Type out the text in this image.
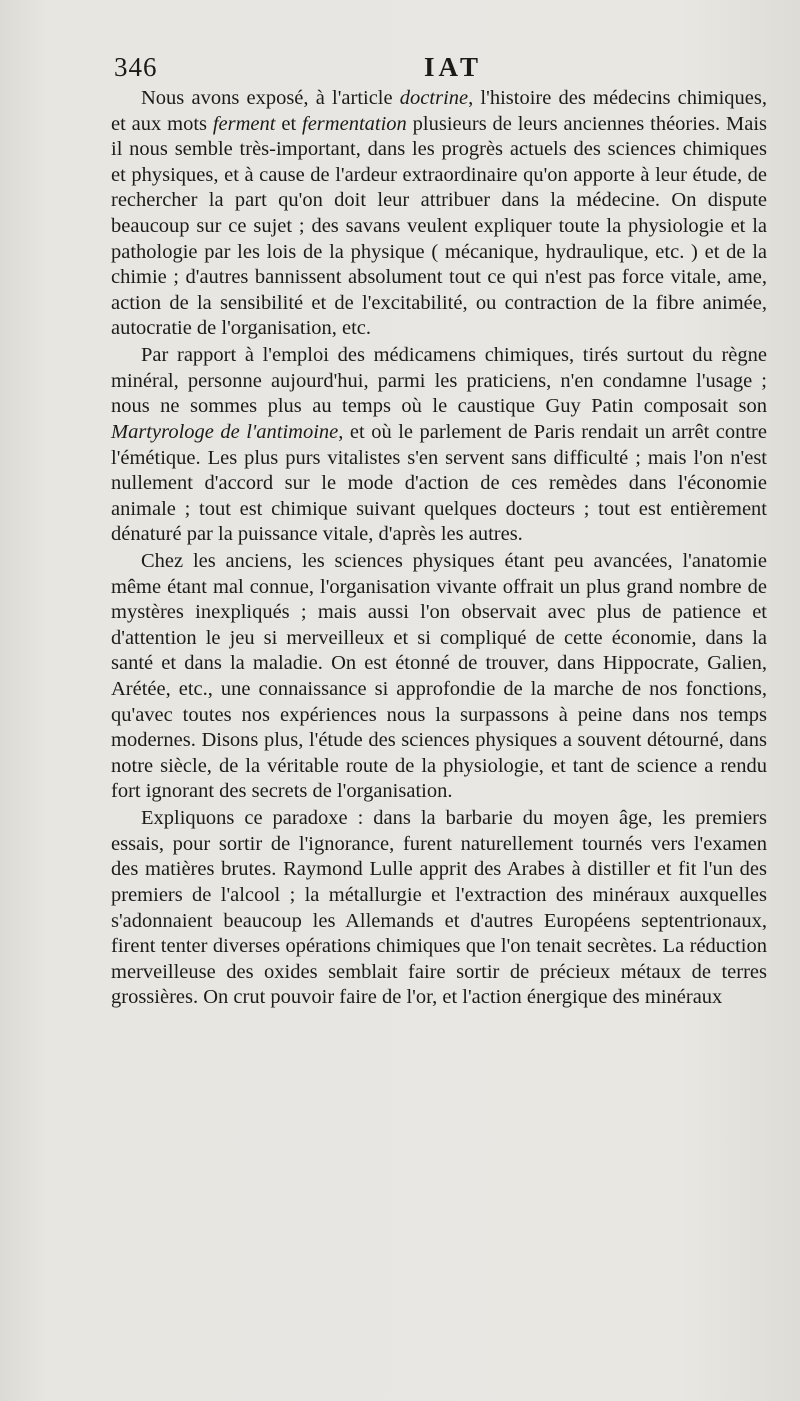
346	IAT

Nous avons exposé, à l'article doctrine, l'histoire des médecins chimiques, et aux mots ferment et fermentation plusieurs de leurs anciennes théories. Mais il nous semble très-important, dans les progrès actuels des sciences chimiques et physiques, et à cause de l'ardeur extraordinaire qu'on apporte à leur étude, de rechercher la part qu'on doit leur attribuer dans la médecine. On dispute beaucoup sur ce sujet ; des savans veulent expliquer toute la physiologie et la pathologie par les lois de la physique ( mécanique, hydraulique, etc. ) et de la chimie ; d'autres bannissent absolument tout ce qui n'est pas force vitale, ame, action de la sensibilité et de l'excitabilité, ou contraction de la fibre animée, autocratie de l'organisation, etc.

Par rapport à l'emploi des médicamens chimiques, tirés surtout du règne minéral, personne aujourd'hui, parmi les praticiens, n'en condamne l'usage ; nous ne sommes plus au temps où le caustique Guy Patin composait son Martyrologe de l'antimoine, et où le parlement de Paris rendait un arrêt contre l'émétique. Les plus purs vitalistes s'en servent sans difficulté ; mais l'on n'est nullement d'accord sur le mode d'action de ces remèdes dans l'économie animale ; tout est chimique suivant quelques docteurs ; tout est entièrement dénaturé par la puissance vitale, d'après les autres.

Chez les anciens, les sciences physiques étant peu avancées, l'anatomie même étant mal connue, l'organisation vivante offrait un plus grand nombre de mystères inexpliqués ; mais aussi l'on observait avec plus de patience et d'attention le jeu si merveilleux et si compliqué de cette économie, dans la santé et dans la maladie. On est étonné de trouver, dans Hippocrate, Galien, Arétée, etc., une connaissance si approfondie de la marche de nos fonctions, qu'avec toutes nos expériences nous la surpassons à peine dans nos temps modernes. Disons plus, l'étude des sciences physiques a souvent détourné, dans notre siècle, de la véritable route de la physiologie, et tant de science a rendu fort ignorant des secrets de l'organisation.

Expliquons ce paradoxe : dans la barbarie du moyen âge, les premiers essais, pour sortir de l'ignorance, furent naturellement tournés vers l'examen des matières brutes. Raymond Lulle apprit des Arabes à distiller et fit l'un des premiers de l'alcool ; la métallurgie et l'extraction des minéraux auxquelles s'adonnaient beaucoup les Allemands et d'autres Européens septentrionaux, firent tenter diverses opérations chimiques que l'on tenait secrètes. La réduction merveilleuse des oxides semblait faire sortir de précieux métaux de terres grossières. On crut pouvoir faire de l'or, et l'action énergique des minéraux
